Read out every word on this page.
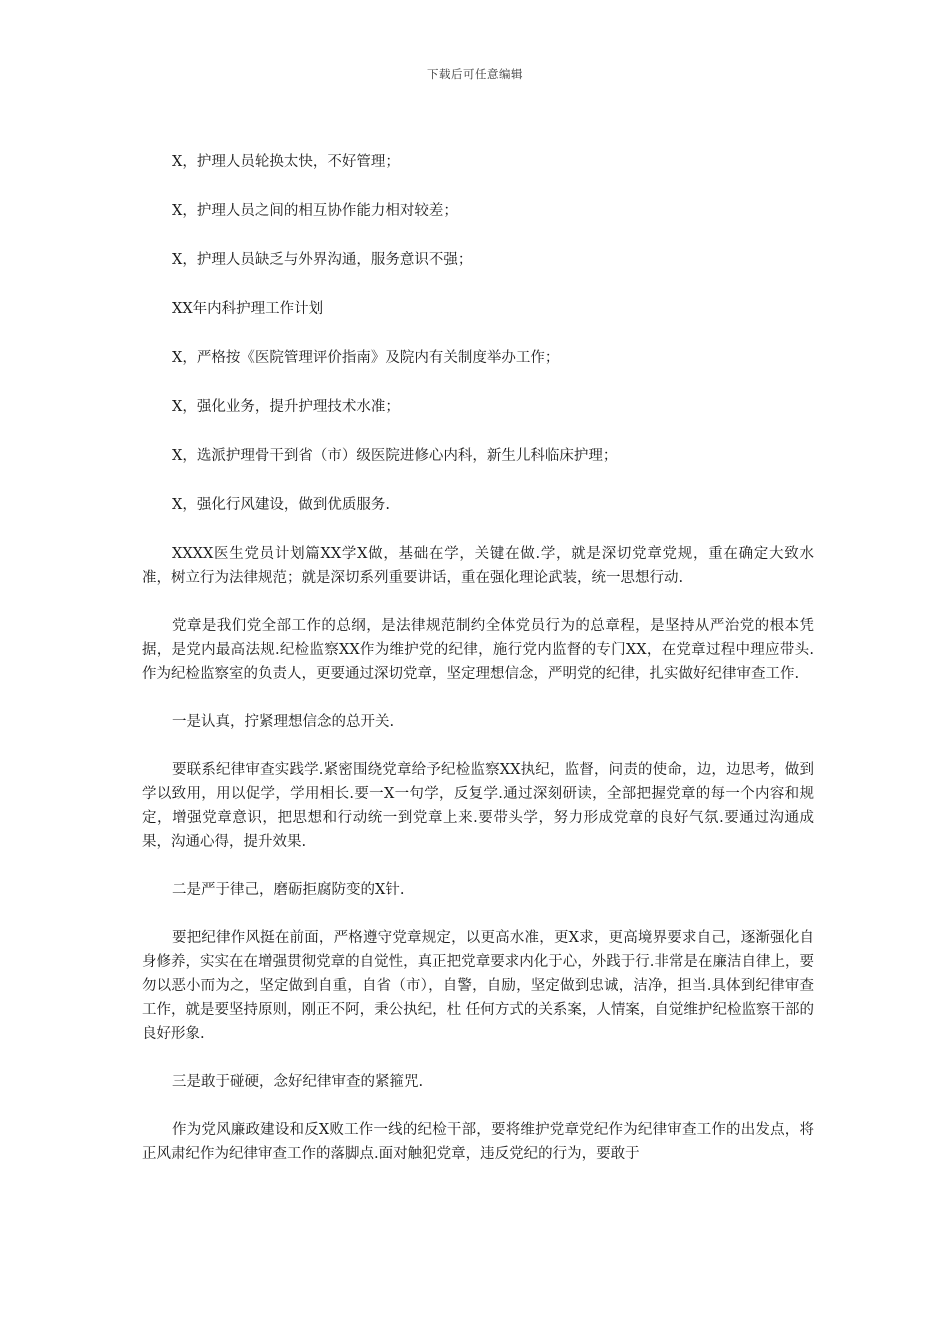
下载后可任意编辑
X，护理人员轮换太快，不好管理；
X，护理人员之间的相互协作能力相对较差；
X，护理人员缺乏与外界沟通，服务意识不强；
XX年内科护理工作计划
X，严格按《医院管理评价指南》及院内有关制度举办工作；
X，强化业务，提升护理技术水准；
X，选派护理骨干到省（市）级医院进修心内科，新生儿科临床护理；
X，强化行风建设，做到优质服务.

XXXX医生党员计划篇XX学X做，基础在学，关键在做.学，就是深切党章党规，重在确定大致水准，树立行为法律规范；就是深切系列重要讲话，重在强化理论武装，统一思想行动.

党章是我们党全部工作的总纲，是法律规范制约全体党员行为的总章程，是坚持从严治党的根本凭据，是党内最高法规.纪检监察XX作为维护党的纪律，施行党内监督的专门XX，在党章过程中理应带头.作为纪检监察室的负责人，更要通过深切党章，坚定理想信念，严明党的纪律，扎实做好纪律审查工作.

一是认真，拧紧理想信念的总开关.

要联系纪律审查实践学.紧密围绕党章给予纪检监察XX执纪，监督，问责的使命，边，边思考，做到学以致用，用以促学，学用相长.要一X一句学，反复学.通过深刻研读，全部把握党章的每一个内容和规定，增强党章意识，把思想和行动统一到党章上来.要带头学，努力形成党章的良好气氛.要通过沟通成果，沟通心得，提升效果.

二是严于律己，磨砺拒腐防变的X针.

要把纪律作风挺在前面，严格遵守党章规定，以更高水准，更X求，更高境界要求自己，逐渐强化自身修养，实实在在增强贯彻党章的自觉性，真正把党章要求内化于心，外践于行.非常是在廉洁自律上，要勿以恶小而为之，坚定做到自重，自省（市），自警，自励，坚定做到忠诚，洁净，担当.具体到纪律审查工作，就是要坚持原则，刚正不阿，秉公执纪，杜 任何方式的关系案，人情案，自觉维护纪检监察干部的良好形象.

三是敢于碰硬，念好纪律审查的紧箍咒.

作为党风廉政建设和反X败工作一线的纪检干部，要将维护党章党纪作为纪律审查工作的出发点，将正风肃纪作为纪律审查工作的落脚点.面对触犯党章，违反党纪的行为，要敢于
